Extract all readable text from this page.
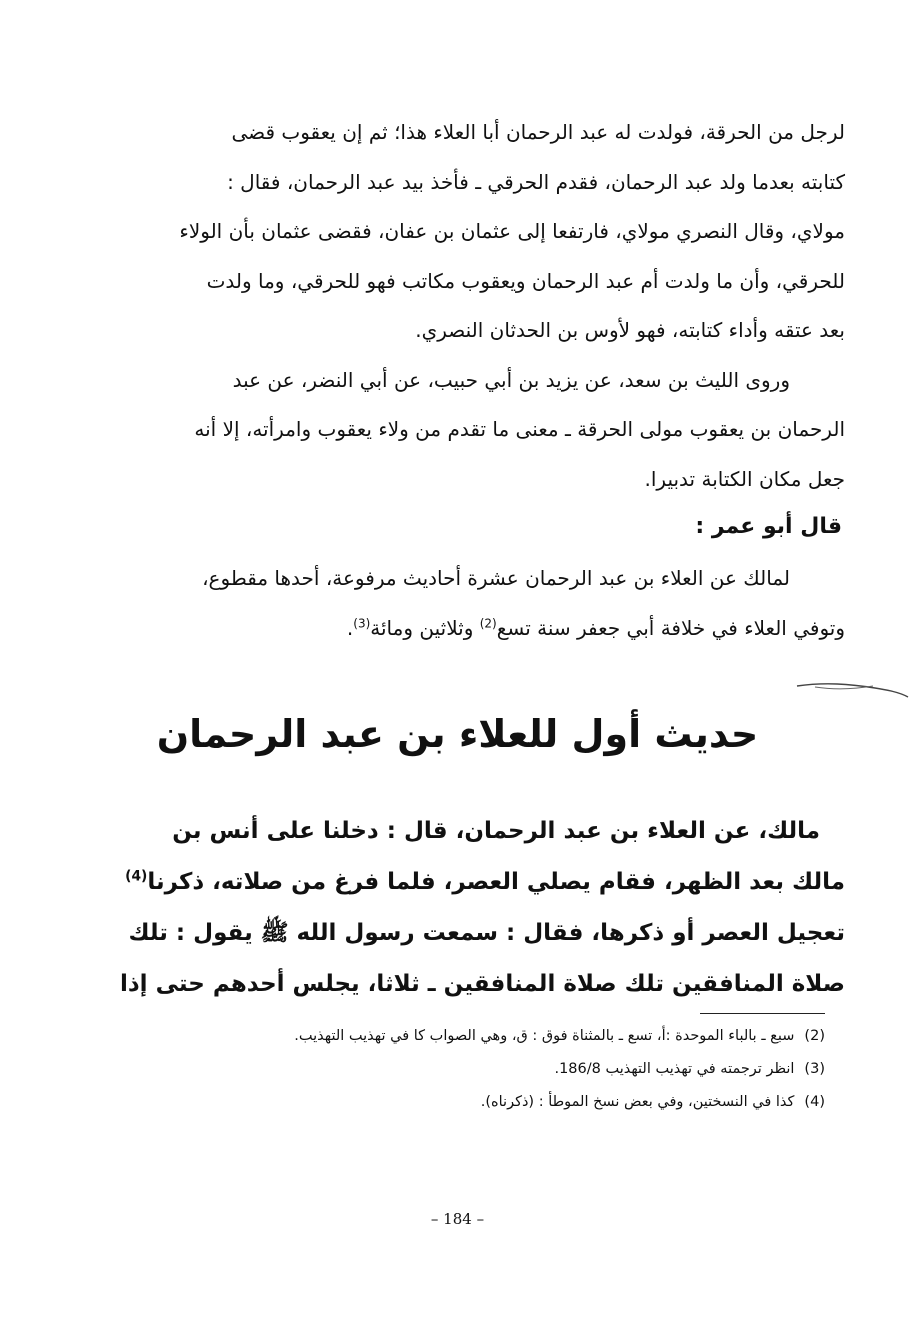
لرجل من الحرقة، فولدت له عبد الرحمان أبا العلاء هذا؛ ثم إن يعقوب قضى
كتابته بعدما ولد عبد الرحمان، فقدم الحرقي ـ فأخذ بيد عبد الرحمان، فقال :
مولاي، وقال النصري مولاي، فارتفعا إلى عثمان بن عفان، فقضى عثمان بأن الولاء
للحرقي، وأن ما ولدت أم عبد الرحمان ويعقوب مكاتب فهو للحرقي، وما ولدت
بعد عتقه وأداء كتابته، فهو لأوس بن الحدثان النصري.
وروى الليث بن سعد، عن يزيد بن أبي حبيب، عن أبي النضر، عن عبد
الرحمان بن يعقوب مولى الحرقة ـ معنى ما تقدم من ولاء يعقوب وامرأته، إلا أنه
جعل مكان الكتابة تدبيرا.
قال أبو عمر :
لمالك عن العلاء بن عبد الرحمان عشرة أحاديث مرفوعة، أحدها مقطوع،
وتوفي العلاء في خلافة أبي جعفر سنة تسع$^{(2)}$ وثلاثين ومائة$^{(3)}$.
حديث أول للعلاء بن عبد الرحمان
مالك، عن العلاء بن عبد الرحمان، قال : دخلنا على أنس بن
مالك بعد الظهر، فقام يصلي العصر، فلما فرغ من صلاته، ذكرنا$^{(4)}$
تعجيل العصر أو ذكرها، فقال : سمعت رسول الله ﷺ يقول : تلك
صلاة المنافقين تلك صلاة المنافقين ـ ثلاثا، يجلس أحدهم حتى إذا
(2)سبع ـ بالباء الموحدة :أ، تسع ـ بالمثناة فوق : ق، وهي الصواب كا في تهذيب التهذيب.
(3)انظر ترجمته في تهذيب التهذيب 186/8.
(4)كذا في النسختين، وفي بعض نسخ الموطأ : (ذكرناه).
– 184 –
